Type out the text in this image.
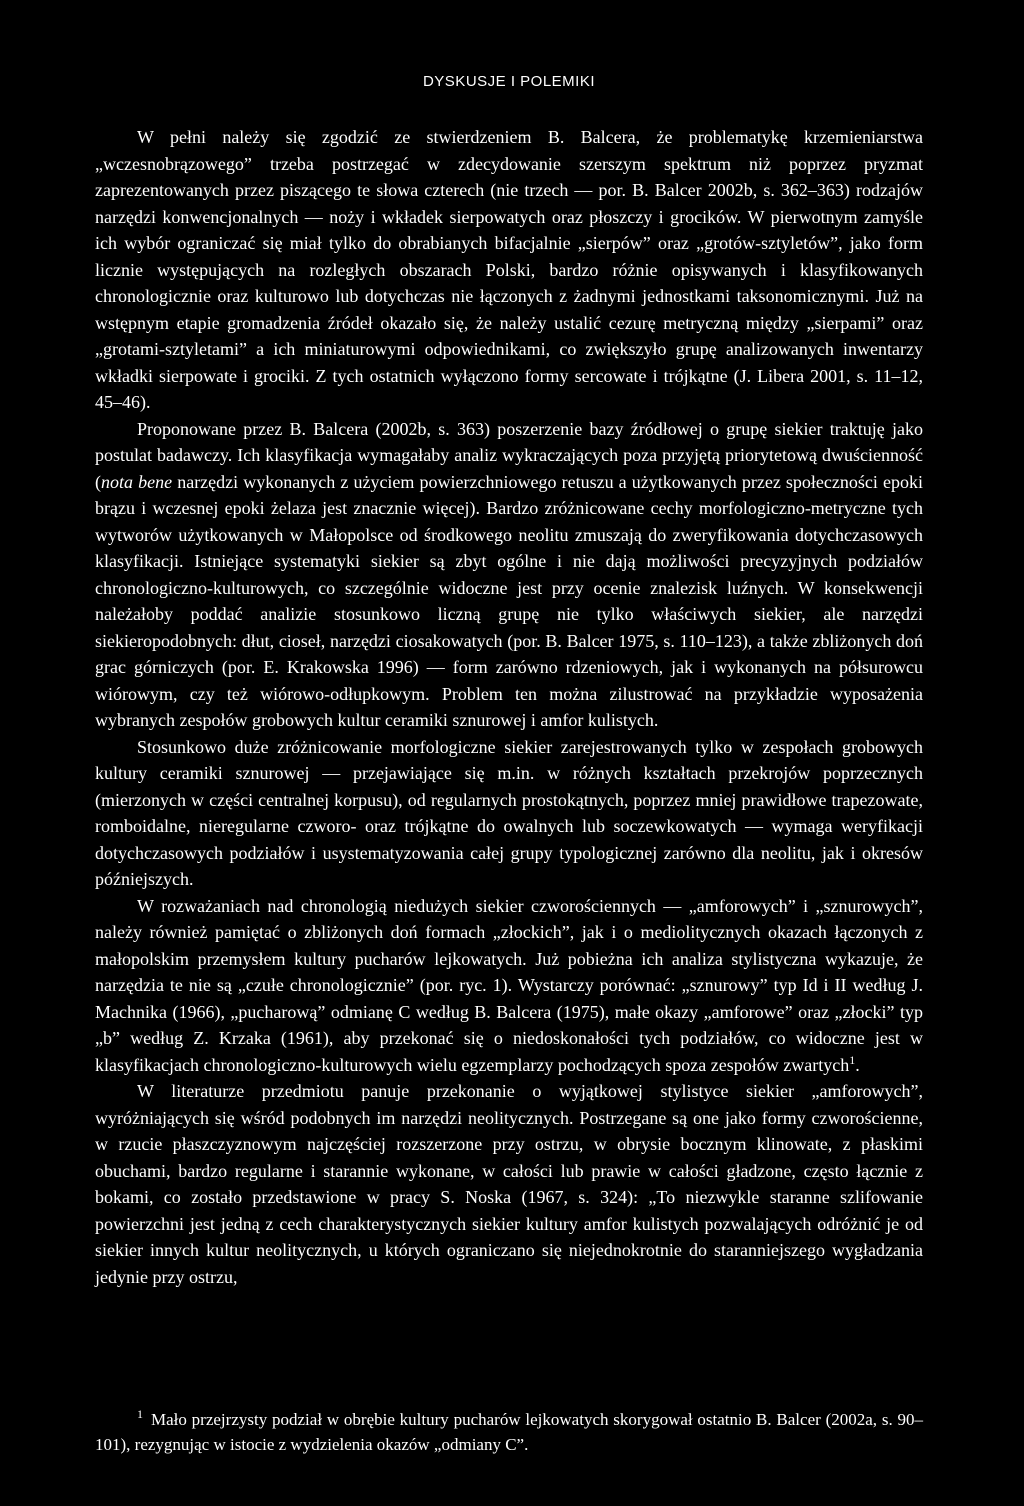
DYSKUSJE I POLEMIKI

W pełni należy się zgodzić ze stwierdzeniem B. Balcera, że problematykę krzemieniarstwa „wczesnobrązowego” trzeba postrzegać w zdecydowanie szerszym spektrum niż poprzez pryzmat zaprezentowanych przez piszącego te słowa czterech (nie trzech — por. B. Balcer 2002b, s. 362–363) rodzajów narzędzi konwencjonalnych — noży i wkładek sierpowatych oraz płoszczy i grocików. W pierwotnym zamyśle ich wybór ograniczać się miał tylko do obrabianych bifacjalnie „sierpów” oraz „grotów-sztyletów”, jako form licznie występujących na rozległych obszarach Polski, bardzo różnie opisywanych i klasyfikowanych chronologicznie oraz kulturowo lub dotychczas nie łączonych z żadnymi jednostkami taksonomicznymi. Już na wstępnym etapie gromadzenia źródeł okazało się, że należy ustalić cezurę metryczną między „sierpami” oraz „grotami-sztyletami” a ich miniaturowymi odpowiednikami, co zwiększyło grupę analizowanych inwentarzy wkładki sierpowate i grociki. Z tych ostatnich wyłączono formy sercowate i trójkątne (J. Libera 2001, s. 11–12, 45–46).

Proponowane przez B. Balcera (2002b, s. 363) poszerzenie bazy źródłowej o grupę siekier traktuję jako postulat badawczy. Ich klasyfikacja wymagałaby analiz wykraczających poza przyjętą priorytetową dwuścienność (nota bene narzędzi wykonanych z użyciem powierzchniowego retuszu a użytkowanych przez społeczności epoki brązu i wczesnej epoki żelaza jest znacznie więcej). Bardzo zróżnicowane cechy morfologiczno-metryczne tych wytworów użytkowanych w Małopolsce od środkowego neolitu zmuszają do zweryfikowania dotychczasowych klasyfikacji. Istniejące systematyki siekier są zbyt ogólne i nie dają możliwości precyzyjnych podziałów chronologiczno-kulturowych, co szczególnie widoczne jest przy ocenie znalezisk luźnych. W konsekwencji należałoby poddać analizie stosunkowo liczną grupę nie tylko właściwych siekier, ale narzędzi siekieropodobnych: dłut, cioseł, narzędzi ciosakowatych (por. B. Balcer 1975, s. 110–123), a także zbliżonych doń grac górniczych (por. E. Krakowska 1996) — form zarówno rdzeniowych, jak i wykonanych na półsurowcu wiórowym, czy też wiórowo-odłupkowym. Problem ten można zilustrować na przykładzie wyposażenia wybranych zespołów grobowych kultur ceramiki sznurowej i amfor kulistych.

Stosunkowo duże zróżnicowanie morfologiczne siekier zarejestrowanych tylko w zespołach grobowych kultury ceramiki sznurowej — przejawiające się m.in. w różnych kształtach przekrojów poprzecznych (mierzonych w części centralnej korpusu), od regularnych prostokątnych, poprzez mniej prawidłowe trapezowate, romboidalne, nieregularne czworo- oraz trójkątne do owalnych lub soczewkowatych — wymaga weryfikacji dotychczasowych podziałów i usystematyzowania całej grupy typologicznej zarówno dla neolitu, jak i okresów późniejszych.

W rozważaniach nad chronologią niedużych siekier czworościennych — „amforowych” i „sznurowych”, należy również pamiętać o zbliżonych doń formach „złockich”, jak i o mediolitycznych okazach łączonych z małopolskim przemysłem kultury pucharów lejkowatych. Już pobieżna ich analiza stylistyczna wykazuje, że narzędzia te nie są „czułe chronologicznie” (por. ryc. 1). Wystarczy porównać: „sznurowy” typ Id i II według J. Machnika (1966), „pucharową” odmianę C według B. Balcera (1975), małe okazy „amforowe” oraz „złocki” typ „b” według Z. Krzaka (1961), aby przekonać się o niedoskonałości tych podziałów, co widoczne jest w klasyfikacjach chronologiczno-kulturowych wielu egzemplarzy pochodzących spoza zespołów zwartych$^1$.

W literaturze przedmiotu panuje przekonanie o wyjątkowej stylistyce siekier „amforowych”, wyróżniających się wśród podobnych im narzędzi neolitycznych. Postrzegane są one jako formy czworościenne, w rzucie płaszczyznowym najczęściej rozszerzone przy ostrzu, w obrysie bocznym klinowate, z płaskimi obuchami, bardzo regularne i starannie wykonane, w całości lub prawie w całości gładzone, często łącznie z bokami, co zostało przedstawione w pracy S. Noska (1967, s. 324): „To niezwykle staranne szlifowanie powierzchni jest jedną z cech charakterystycznych siekier kultury amfor kulistych pozwalających odróżnić je od siekier innych kultur neolitycznych, u których ograniczano się niejednokrotnie do staranniejszego wygładzania jedynie przy ostrzu,

$^1$ Mało przejrzysty podział w obrębie kultury pucharów lejkowatych skorygował ostatnio B. Balcer (2002a, s. 90–101), rezygnując w istocie z wydzielenia okazów „odmiany C”.
